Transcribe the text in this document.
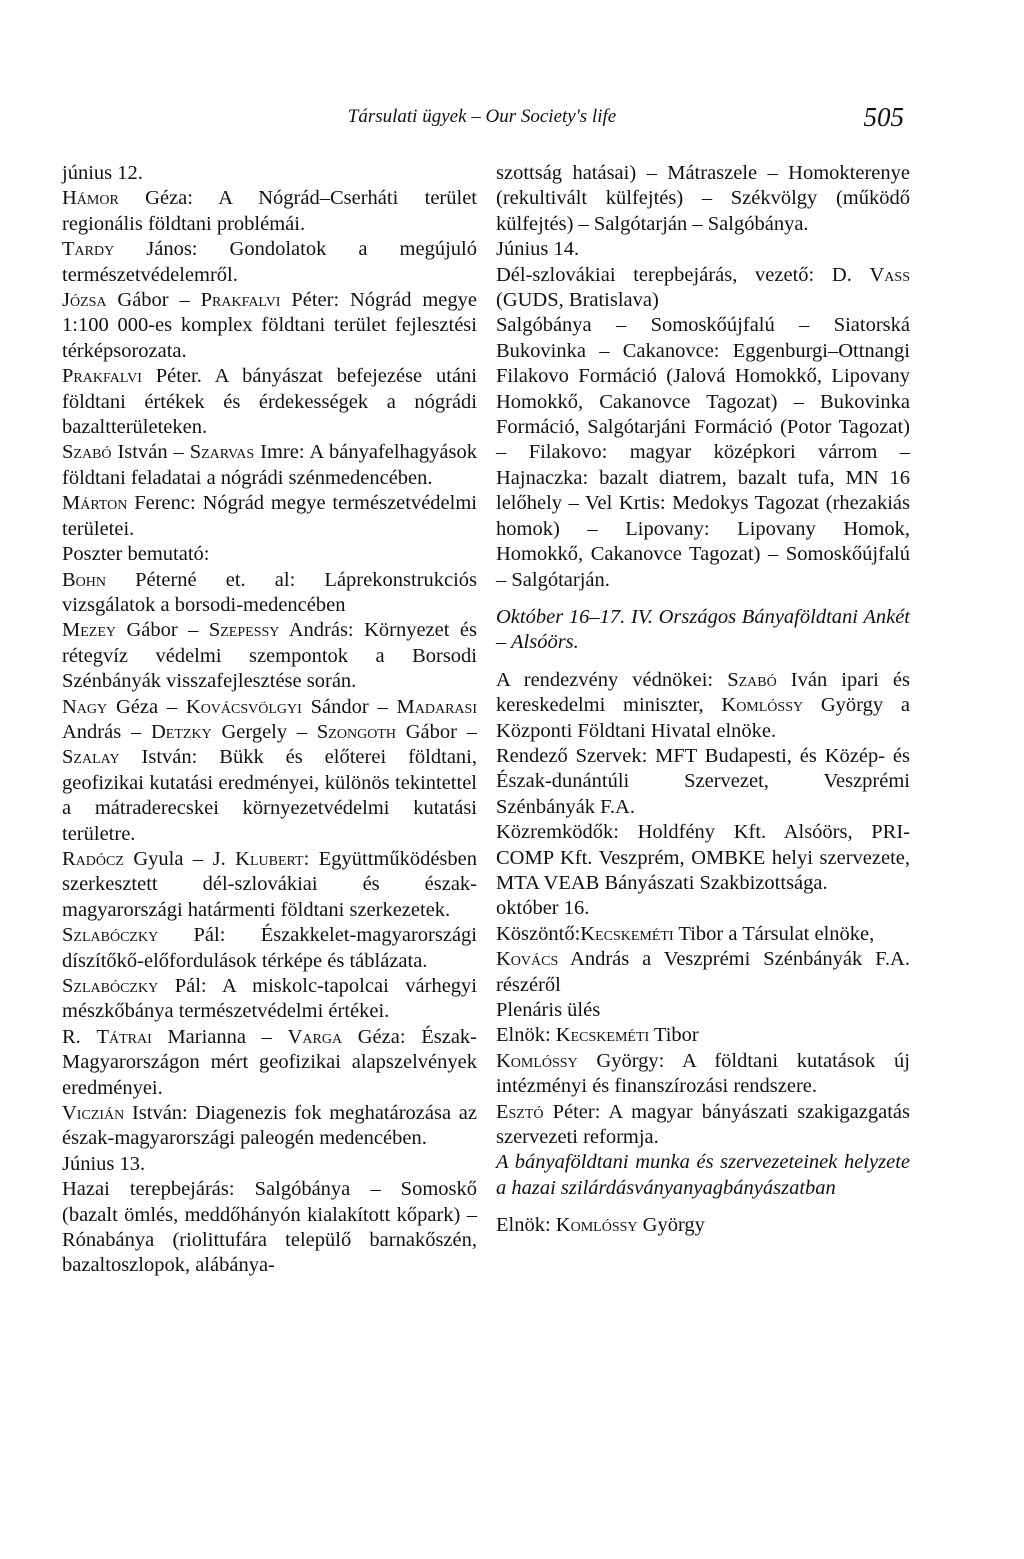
Társulati ügyek – Our Society's life	505

június 12.

Hámor Géza: A Nógrád–Cserháti terület regionális földtani problémái.

Tardy János: Gondolatok a megújuló természetvédelemről.

Józsa Gábor – Prakfalvi Péter: Nógrád megye 1:100 000-es komplex földtani terület fejlesztési térképsorozata.

Prakfalvi Péter. A bányászat befejezése utáni földtani értékek és érdekességek a nógrádi bazaltterületeken.

Szabó István – Szarvas Imre: A bányafelhagyások földtani feladatai a nógrádi szénmedencében.

Márton Ferenc: Nógrád megye természetvédelmi területei.

Poszter bemutató:

Bohn Péterné et. al: Láprekonstrukciós vizsgálatok a borsodi-medencében

Mezey Gábor – Szepessy András: Környezet és rétegvíz védelmi szempontok a Borsodi Szénbányák visszafejlesztése során.

Nagy Géza – Kovácsvölgyi Sándor – Madarasi András – Detzky Gergely – Szongoth Gábor – Szalay István: Bükk és előterei földtani, geofizikai kutatási eredményei, különös tekintettel a mátraderecskei környezetvédelmi kutatási területre.

Radócz Gyula – J. Klubert: Együttműködésben szerkesztett dél-szlovákiai és észak-magyarországi határmenti földtani szerkezetek.

Szlabóczky Pál: Északkelet-magyarországi díszítőkő-előfordulások térképe és táblázata.

Szlabóczky Pál: A miskolc-tapolcai várhegyi mészkőbánya természetvédelmi értékei.

R. Tátrai Marianna – Varga Géza: Észak-Magyarországon mért geofizikai alapszelvények eredményei.

Viczián István: Diagenezis fok meghatározása az észak-magyarországi paleogén medencében.

Június 13.

Hazai terepbejárás: Salgóbánya – Somoskő (bazalt ömlés, meddőhányón kialakított kőpark) – Rónabánya (riolittufára települő barnakőszén, bazaltoszlopok, alábánya-

szottság hatásai) – Mátraszele – Homokterenye (rekultivált külfejtés) – Székvölgy (működő külfejtés) – Salgótarján – Salgóbánya.

Június 14.

Dél-szlovákiai terepbejárás, vezető: D. Vass (GUDS, Bratislava)

Salgóbánya – Somoskőújfalú – Siatorská Bukovinka – Cakanovce: Eggenburgi–Ottnangi Filakovo Formáció (Jalová Homokkő, Lipovany Homokkő, Cakanovce Tagozat) – Bukovinka Formáció, Salgótarjáni Formáció (Potor Tagozat) – Filakovo: magyar középkori várrom – Hajnaczka: bazalt diatrem, bazalt tufa, MN 16 lelőhely – Vel Krtis: Medokys Tagozat (rhezakiás homok) – Lipovany: Lipovany Homok, Homokkő, Cakanovce Tagozat) – Somoskőújfalú – Salgótarján.

Október 16–17. IV. Országos Bányaföldtani Ankét – Alsóörs.

A rendezvény védnökei: Szabó Iván ipari és kereskedelmi miniszter, Komlóssy György a Központi Földtani Hivatal elnöke.

Rendező Szervek: MFT Budapesti, és Közép- és Észak-dunántúli Szervezet, Veszprémi Szénbányák F.A.

Közremködők: Holdfény Kft. Alsóörs, PRI-COMP Kft. Veszprém, OMBKE helyi szervezete, MTA VEAB Bányászati Szakbizottsága.

október 16.

Köszöntő:Kecskeméti Tibor a Társulat elnöke,

Kovács András a Veszprémi Szénbányák F.A. részéről

Plenáris ülés

Elnök: Kecskeméti Tibor

Komlóssy György: A földtani kutatások új intézményi és finanszírozási rendszere.

Esztó Péter: A magyar bányászati szakigazgatás szervezeti reformja.

A bányaföldtani munka és szervezeteinek helyzete a hazai szilárdásványanyagbányászatban

Elnök: Komlóssy György
